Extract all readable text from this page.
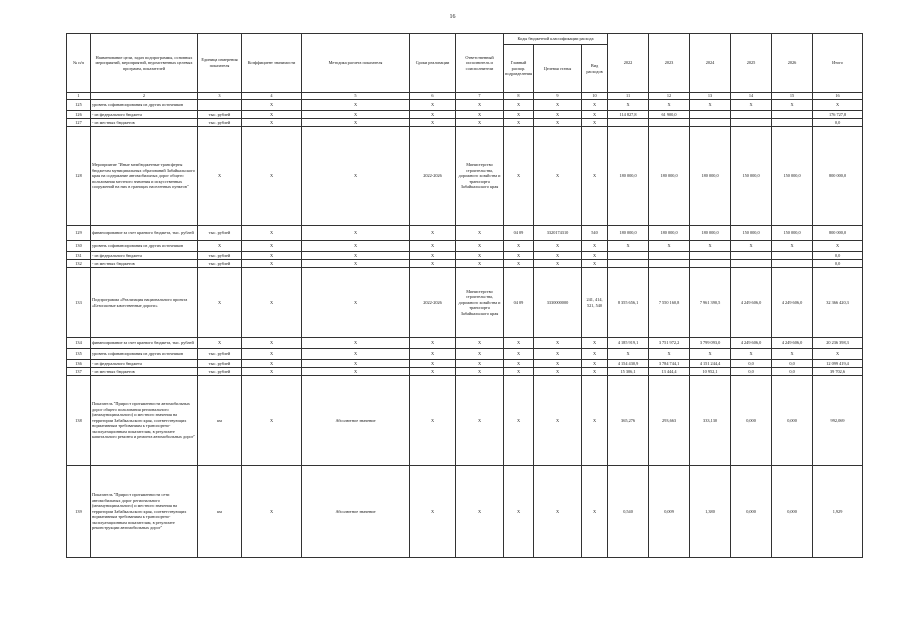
16
№ п/п	Наименование цели, задач подпрограммы, основных мероприятий, мероприятий, ведомственных целевых программ, показателей	Единица измерения показателя	Коэффициент значимости	Методика расчета показателя	Сроки реализации	Ответственный исполнитель и соисполнители	Коды бюджетной классификации расхода			2022	2023	2024	2025	2026	Итого
							Главный распор. подразделения	Целевая статья	Вид расходов						
1	2	3	4	5	6	7	8	9	10	11	12	13	14	15	16
125	уровень софинансирования из других источников		Х	Х	Х	Х	Х	Х	Х	Х	Х	Х	Х	Х	Х
126	- из федерального бюджета	тыс. рублей	Х	Х	Х	Х	Х	Х	Х	114 827,8	61 900,0				176 727,8
127	- из местных бюджетов	тыс. рублей	Х	Х	Х	Х	Х	Х	Х						0,0
128	Мероприятие "Иные межбюджетные трансферты бюджетам муниципальных образований Забайкальского края на содержание автомобильных дорог общего пользования местного значения и искусственных сооружений на них в границах населенных пунктов"	Х	Х	Х	2022-2026	Министерство строительства, дорожного хозяйства и транспорта Забайкальского края	Х	Х	Х	180 000,0	180 000,0	180 000,0	150 000,0	150 000,0	800 000,0
129	финансирование за счет краевого бюджета, тыс. рублей	тыс. рублей	Х	Х	Х	Х	04 09	3320174310	540	180 000,0	180 000,0	180 000,0	150 000,0	150 000,0	800 000,0
130	уровень софинансирования из других источников	Х	Х	Х	Х	Х	Х	Х	Х	Х	Х	Х	Х	Х	Х
131	- из федерального бюджета	тыс. рублей	Х	Х	Х	Х	Х	Х	Х						0,0
132	- из местных бюджетов	тыс. рублей	Х	Х	Х	Х	Х	Х	Х						0,0
133	Подпрограмма «Реализация национального проекта «Безопасные качественные дороги»	Х	Х	Х	2022-2026	Министерство строительства, дорожного хозяйства и транспорта Забайкальского края	04 09	3330000000	241, 414, 521, 540	8 355 656,1	7 550 160,8	7 961 390,5	4 249 606,0	4 249 606,0	32 366 420,3
134	финансирование за счет краевого бюджета, тыс. рублей	Х	Х	Х	Х	Х	Х	Х	Х	4 185 919,1	3 751 972,2	3 799 093,0	4 249 606,0	4 249 606,0	20 236 398,3
135	уровень софинансирования из других источников	тыс. рублей	Х	Х	Х	Х	Х	Х	Х	Х	Х	Х	Х	Х	Х
136	- из федерального бюджета	тыс. рублей	Х	Х	Х	Х	Х	Х	Х	4 154 430,9	3 784 744,1	4 151 244,4	0,0	0,0	12 099 419,4
137	- из местных бюджетов	тыс. рублей	Х	Х	Х	Х	Х	Х	Х	15 306,1	13 444,4	10 952,1	0,0	0,0	39 702,6
138	Показатель "Прирост протяженности автомобильных дорог общего пользования регионального (межмуниципального) и местного значения на территории Забайкальского края, соответствующих нормативным требованиям к транспортно-эксплуатационным показателям, в результате капитального ремонта и ремонта автомобильных дорог"	км	Х	Абсолютное значение	Х	Х	Х	Х	Х	365,276	293,663	333,130	0,000	0,000	992,069
139	Показатель "Прирост протяженности сети автомобильных дорог регионального (межмуниципального) и местного значения на территории Забайкальского края, соответствующих нормативным требованиям к транспортно-эксплуатационным показателям, в результате реконструкции автомобильных дорог"	км	Х	Абсолютное значение	Х	Х	Х	Х	Х	0,540	0,009	1,380	0,000	0,000	1,929
